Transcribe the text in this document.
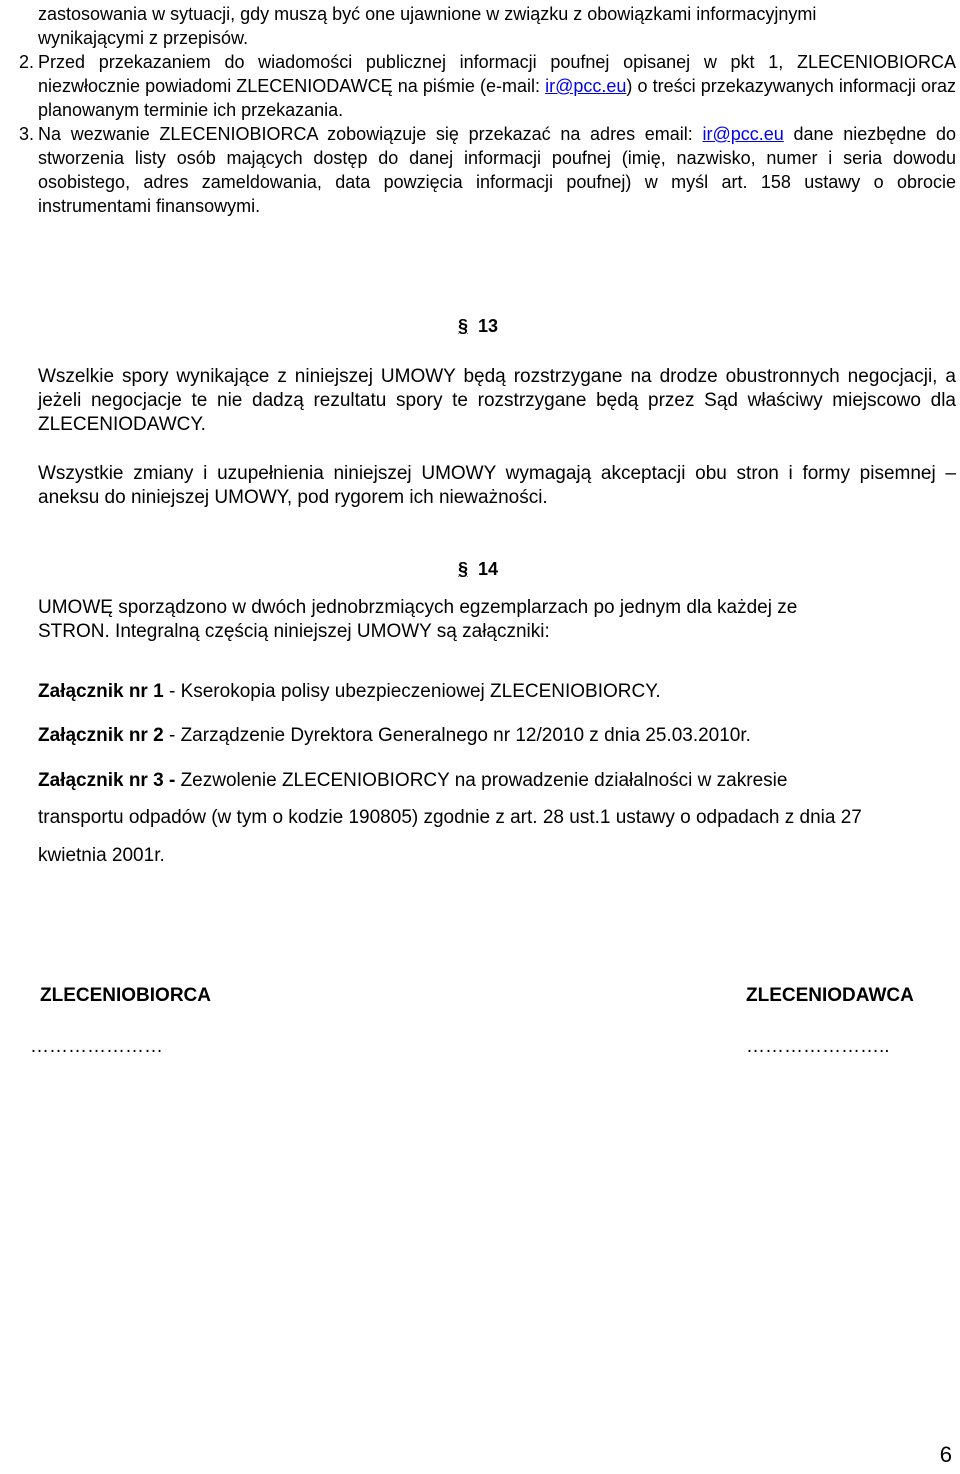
zastosowania w sytuacji, gdy muszą być one ujawnione w związku z obowiązkami informacyjnymi
wynikającymi z przepisów.
2. Przed przekazaniem do wiadomości publicznej informacji poufnej opisanej w pkt 1, ZLECENIOBIORCA niezwłocznie powiadomi ZLECENIODAWCĘ na piśmie (e-mail: ir@pcc.eu) o treści przekazywanych informacji oraz planowanym terminie ich przekazania.

3. Na wezwanie ZLECENIOBIORCA zobowiązuje się przekazać na adres email: ir@pcc.eu dane niezbędne do stworzenia listy osób mających dostęp do danej informacji poufnej (imię, nazwisko, numer i seria dowodu osobistego, adres zameldowania, data powzięcia informacji poufnej) w myśl art. 158 ustawy o obrocie instrumentami finansowymi.

§ 13

Wszelkie spory wynikające z niniejszej UMOWY będą rozstrzygane na drodze obustronnych negocjacji, a jeżeli negocjacje te nie dadzą rezultatu spory te rozstrzygane będą przez Sąd właściwy miejscowo dla ZLECENIODAWCY.

Wszystkie zmiany i uzupełnienia niniejszej UMOWY wymagają akceptacji obu stron i formy pisemnej – aneksu do niniejszej UMOWY, pod rygorem ich nieważności.

§ 14
UMOWĘ sporządzono w dwóch jednobrzmiących egzemplarzach po jednym dla każdej ze
STRON. Integralną częścią niniejszej UMOWY są załączniki:
Załącznik nr 1 - Kserokopia polisy ubezpieczeniowej ZLECENIOBIORCY.
Załącznik nr 2 - Zarządzenie Dyrektora Generalnego nr 12/2010 z dnia 25.03.2010r.
Załącznik nr 3 - Zezwolenie ZLECENIOBIORCY na prowadzenie działalności w zakresie
transportu odpadów (w tym o kodzie 190805) zgodnie z art. 28 ust.1 ustawy o odpadach z dnia 27
kwietnia 2001r.
ZLECENIOBIORCA
…………………
ZLECENIODAWCA
…………………..
6
